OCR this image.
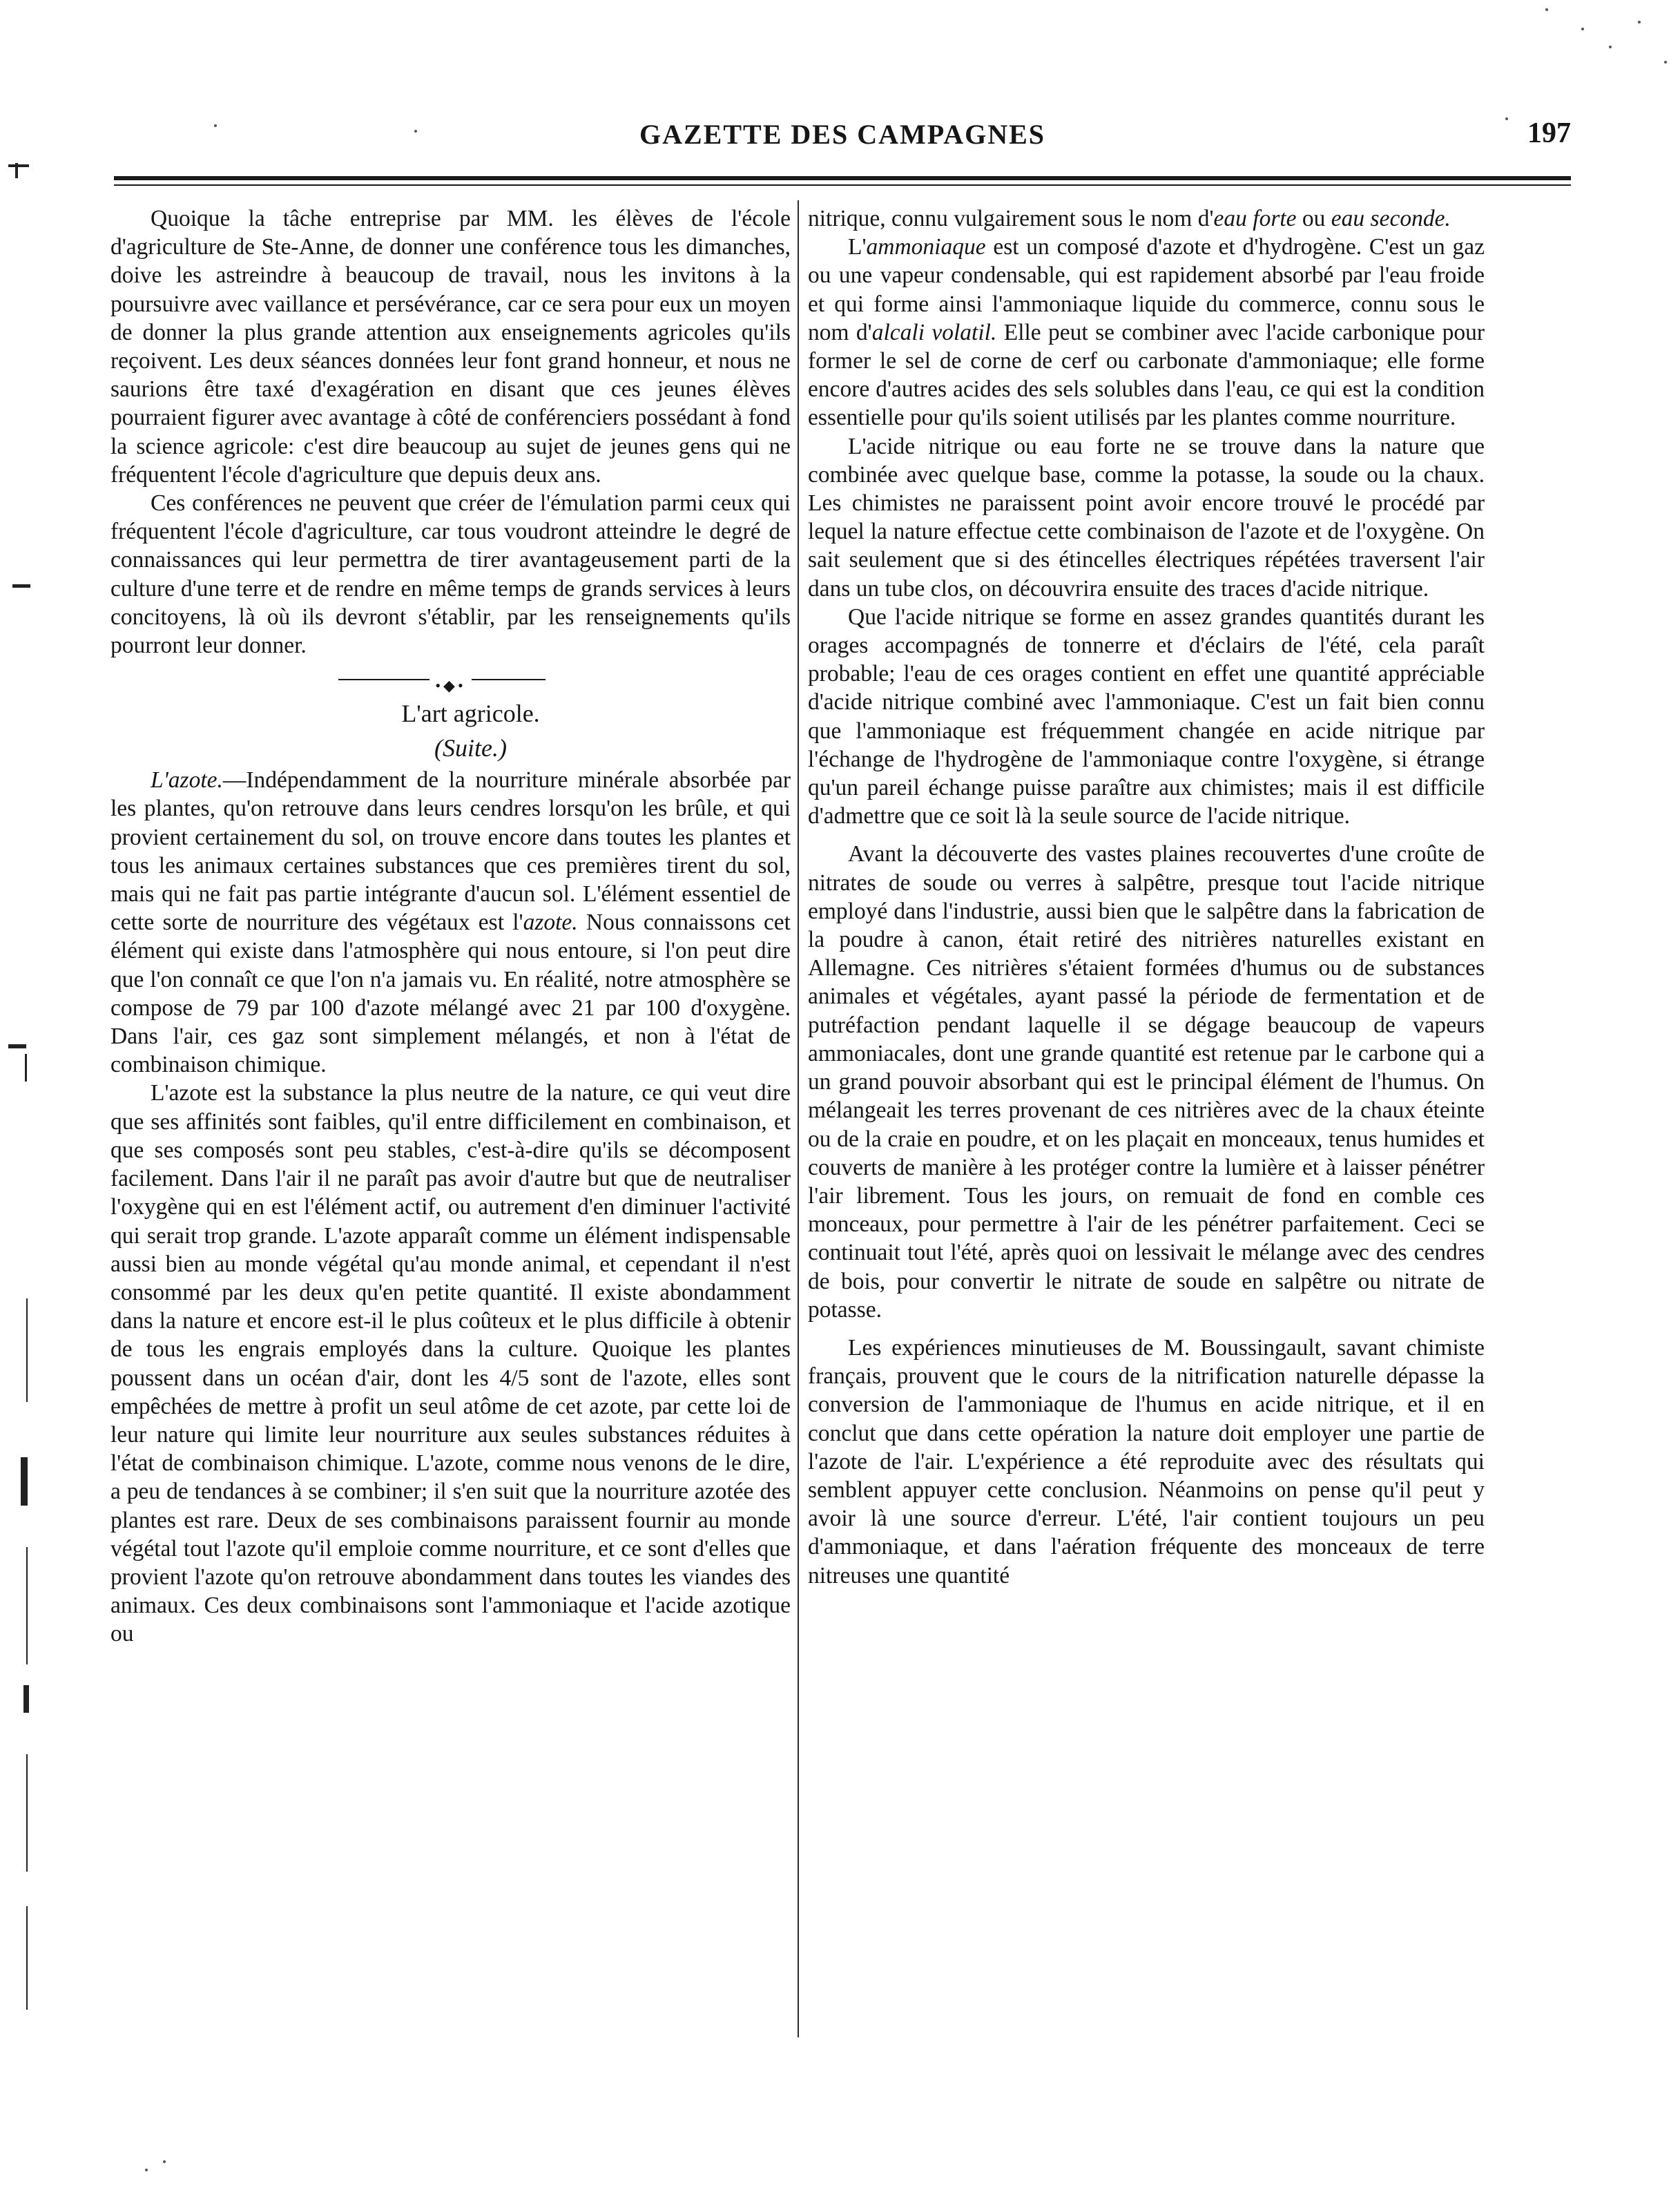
GAZETTE DES CAMPAGNES	197

Quoique la tâche entreprise par MM. les élèves de l'école d'agriculture de Ste-Anne, de donner une conférence tous les dimanches, doive les astreindre à beaucoup de travail, nous les invitons à la poursuivre avec vaillance et persévérance, car ce sera pour eux un moyen de donner la plus grande attention aux enseignements agricoles qu'ils reçoivent. Les deux séances données leur font grand honneur, et nous ne saurions être taxé d'exagération en disant que ces jeunes élèves pourraient figurer avec avantage à côté de conférenciers possédant à fond la science agricole: c'est dire beaucoup au sujet de jeunes gens qui ne fréquentent l'école d'agriculture que depuis deux ans.

Ces conférences ne peuvent que créer de l'émulation parmi ceux qui fréquentent l'école d'agriculture, car tous voudront atteindre le degré de connaissances qui leur permettra de tirer avantageusement parti de la culture d'une terre et de rendre en même temps de grands services à leurs concitoyens, là où ils devront s'établir, par les renseignements qu'ils pourront leur donner.

•◆•

L'art agricole.

(Suite.)

L'azote.—Indépendamment de la nourriture minérale absorbée par les plantes, qu'on retrouve dans leurs cendres lorsqu'on les brûle, et qui provient certainement du sol, on trouve encore dans toutes les plantes et tous les animaux certaines substances que ces premières tirent du sol, mais qui ne fait pas partie intégrante d'aucun sol. L'élément essentiel de cette sorte de nourriture des végétaux est l'azote. Nous connaissons cet élément qui existe dans l'atmosphère qui nous entoure, si l'on peut dire que l'on connaît ce que l'on n'a jamais vu. En réalité, notre atmosphère se compose de 79 par 100 d'azote mélangé avec 21 par 100 d'oxygène. Dans l'air, ces gaz sont simplement mélangés, et non à l'état de combinaison chimique.

L'azote est la substance la plus neutre de la nature, ce qui veut dire que ses affinités sont faibles, qu'il entre difficilement en combinaison, et que ses composés sont peu stables, c'est-à-dire qu'ils se décomposent facilement. Dans l'air il ne paraît pas avoir d'autre but que de neutraliser l'oxygène qui en est l'élément actif, ou autrement d'en diminuer l'activité qui serait trop grande. L'azote apparaît comme un élément indispensable aussi bien au monde végétal qu'au monde animal, et cependant il n'est consommé par les deux qu'en petite quantité. Il existe abondamment dans la nature et encore est-il le plus coûteux et le plus difficile à obtenir de tous les engrais employés dans la culture. Quoique les plantes poussent dans un océan d'air, dont les 4/5 sont de l'azote, elles sont empêchées de mettre à profit un seul atôme de cet azote, par cette loi de leur nature qui limite leur nourriture aux seules substances réduites à l'état de combinaison chimique. L'azote, comme nous venons de le dire, a peu de tendances à se combiner; il s'en suit que la nourriture azotée des plantes est rare. Deux de ses combinaisons paraissent fournir au monde végétal tout l'azote qu'il emploie comme nourriture, et ce sont d'elles que provient l'azote qu'on retrouve abondamment dans toutes les viandes des animaux. Ces deux combinaisons sont l'ammoniaque et l'acide azotique ou

nitrique, connu vulgairement sous le nom d'eau forte ou eau seconde.

L'ammoniaque est un composé d'azote et d'hydrogène. C'est un gaz ou une vapeur condensable, qui est rapidement absorbé par l'eau froide et qui forme ainsi l'ammoniaque liquide du commerce, connu sous le nom d'alcali volatil. Elle peut se combiner avec l'acide carbonique pour former le sel de corne de cerf ou carbonate d'ammoniaque; elle forme encore d'autres acides des sels solubles dans l'eau, ce qui est la condition essentielle pour qu'ils soient utilisés par les plantes comme nourriture.

L'acide nitrique ou eau forte ne se trouve dans la nature que combinée avec quelque base, comme la potasse, la soude ou la chaux. Les chimistes ne paraissent point avoir encore trouvé le procédé par lequel la nature effectue cette combinaison de l'azote et de l'oxygène. On sait seulement que si des étincelles électriques répétées traversent l'air dans un tube clos, on découvrira ensuite des traces d'acide nitrique.

Que l'acide nitrique se forme en assez grandes quantités durant les orages accompagnés de tonnerre et d'éclairs de l'été, cela paraît probable; l'eau de ces orages contient en effet une quantité appréciable d'acide nitrique combiné avec l'ammoniaque. C'est un fait bien connu que l'ammoniaque est fréquemment changée en acide nitrique par l'échange de l'hydrogène de l'ammoniaque contre l'oxygène, si étrange qu'un pareil échange puisse paraître aux chimistes; mais il est difficile d'admettre que ce soit là la seule source de l'acide nitrique.

Avant la découverte des vastes plaines recouvertes d'une croûte de nitrates de soude ou verres à salpêtre, presque tout l'acide nitrique employé dans l'industrie, aussi bien que le salpêtre dans la fabrication de la poudre à canon, était retiré des nitrières naturelles existant en Allemagne. Ces nitrières s'étaient formées d'humus ou de substances animales et végétales, ayant passé la période de fermentation et de putréfaction pendant laquelle il se dégage beaucoup de vapeurs ammoniacales, dont une grande quantité est retenue par le carbone qui a un grand pouvoir absorbant qui est le principal élément de l'humus. On mélangeait les terres provenant de ces nitrières avec de la chaux éteinte ou de la craie en poudre, et on les plaçait en monceaux, tenus humides et couverts de manière à les protéger contre la lumière et à laisser pénétrer l'air librement. Tous les jours, on remuait de fond en comble ces monceaux, pour permettre à l'air de les pénétrer parfaitement. Ceci se continuait tout l'été, après quoi on lessivait le mélange avec des cendres de bois, pour convertir le nitrate de soude en salpêtre ou nitrate de potasse.

Les expériences minutieuses de M. Boussingault, savant chimiste français, prouvent que le cours de la nitrification naturelle dépasse la conversion de l'ammoniaque de l'humus en acide nitrique, et il en conclut que dans cette opération la nature doit employer une partie de l'azote de l'air. L'expérience a été reproduite avec des résultats qui semblent appuyer cette conclusion. Néanmoins on pense qu'il peut y avoir là une source d'erreur. L'été, l'air contient toujours un peu d'ammoniaque, et dans l'aération fréquente des monceaux de terre nitreuses une quantité
